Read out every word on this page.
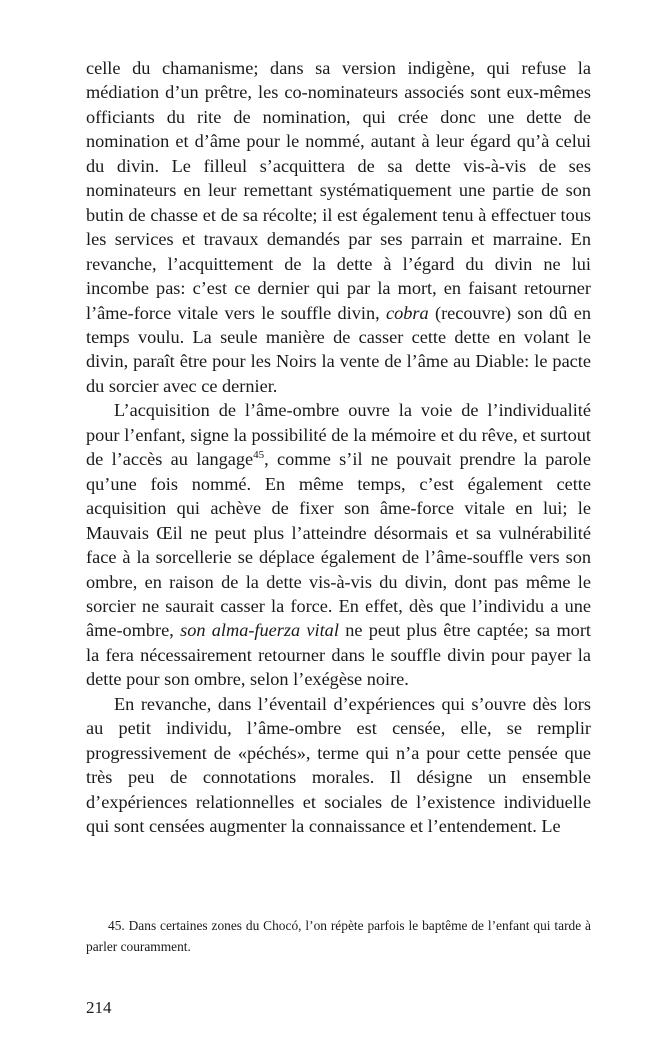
celle du chamanisme; dans sa version indigène, qui refuse la médiation d’un prêtre, les co-nominateurs associés sont eux-mêmes officiants du rite de nomination, qui crée donc une dette de nomination et d’âme pour le nommé, autant à leur égard qu’à celui du divin. Le filleul s’acquittera de sa dette vis-à-vis de ses nominateurs en leur remettant systématiquement une partie de son butin de chasse et de sa récolte; il est également tenu à effectuer tous les services et travaux demandés par ses parrain et marraine. En revanche, l’acquittement de la dette à l’égard du divin ne lui incombe pas: c’est ce dernier qui par la mort, en faisant retourner l’âme-force vitale vers le souffle divin, cobra (recouvre) son dû en temps voulu. La seule manière de casser cette dette en volant le divin, paraît être pour les Noirs la vente de l’âme au Diable: le pacte du sorcier avec ce dernier.

L’acquisition de l’âme-ombre ouvre la voie de l’individualité pour l’enfant, signe la possibilité de la mémoire et du rêve, et surtout de l’accès au langage$^{45}$, comme s’il ne pouvait prendre la parole qu’une fois nommé. En même temps, c’est également cette acquisition qui achève de fixer son âme-force vitale en lui; le Mauvais Œil ne peut plus l’atteindre désormais et sa vulnérabilité face à la sorcellerie se déplace également de l’âme-souffle vers son ombre, en raison de la dette vis-à-vis du divin, dont pas même le sorcier ne saurait casser la force. En effet, dès que l’individu a une âme-ombre, son alma-fuerza vital ne peut plus être captée; sa mort la fera nécessairement retourner dans le souffle divin pour payer la dette pour son ombre, selon l’exégèse noire.

En revanche, dans l’éventail d’expériences qui s’ouvre dès lors au petit individu, l’âme-ombre est censée, elle, se remplir progressivement de «péchés», terme qui n’a pour cette pensée que très peu de connotations morales. Il désigne un ensemble d’expériences relationnelles et sociales de l’existence individuelle qui sont censées augmenter la connaissance et l’entendement. Le

45. Dans certaines zones du Chocó, l’on répète parfois le baptême de l’enfant qui tarde à parler couramment.

214
